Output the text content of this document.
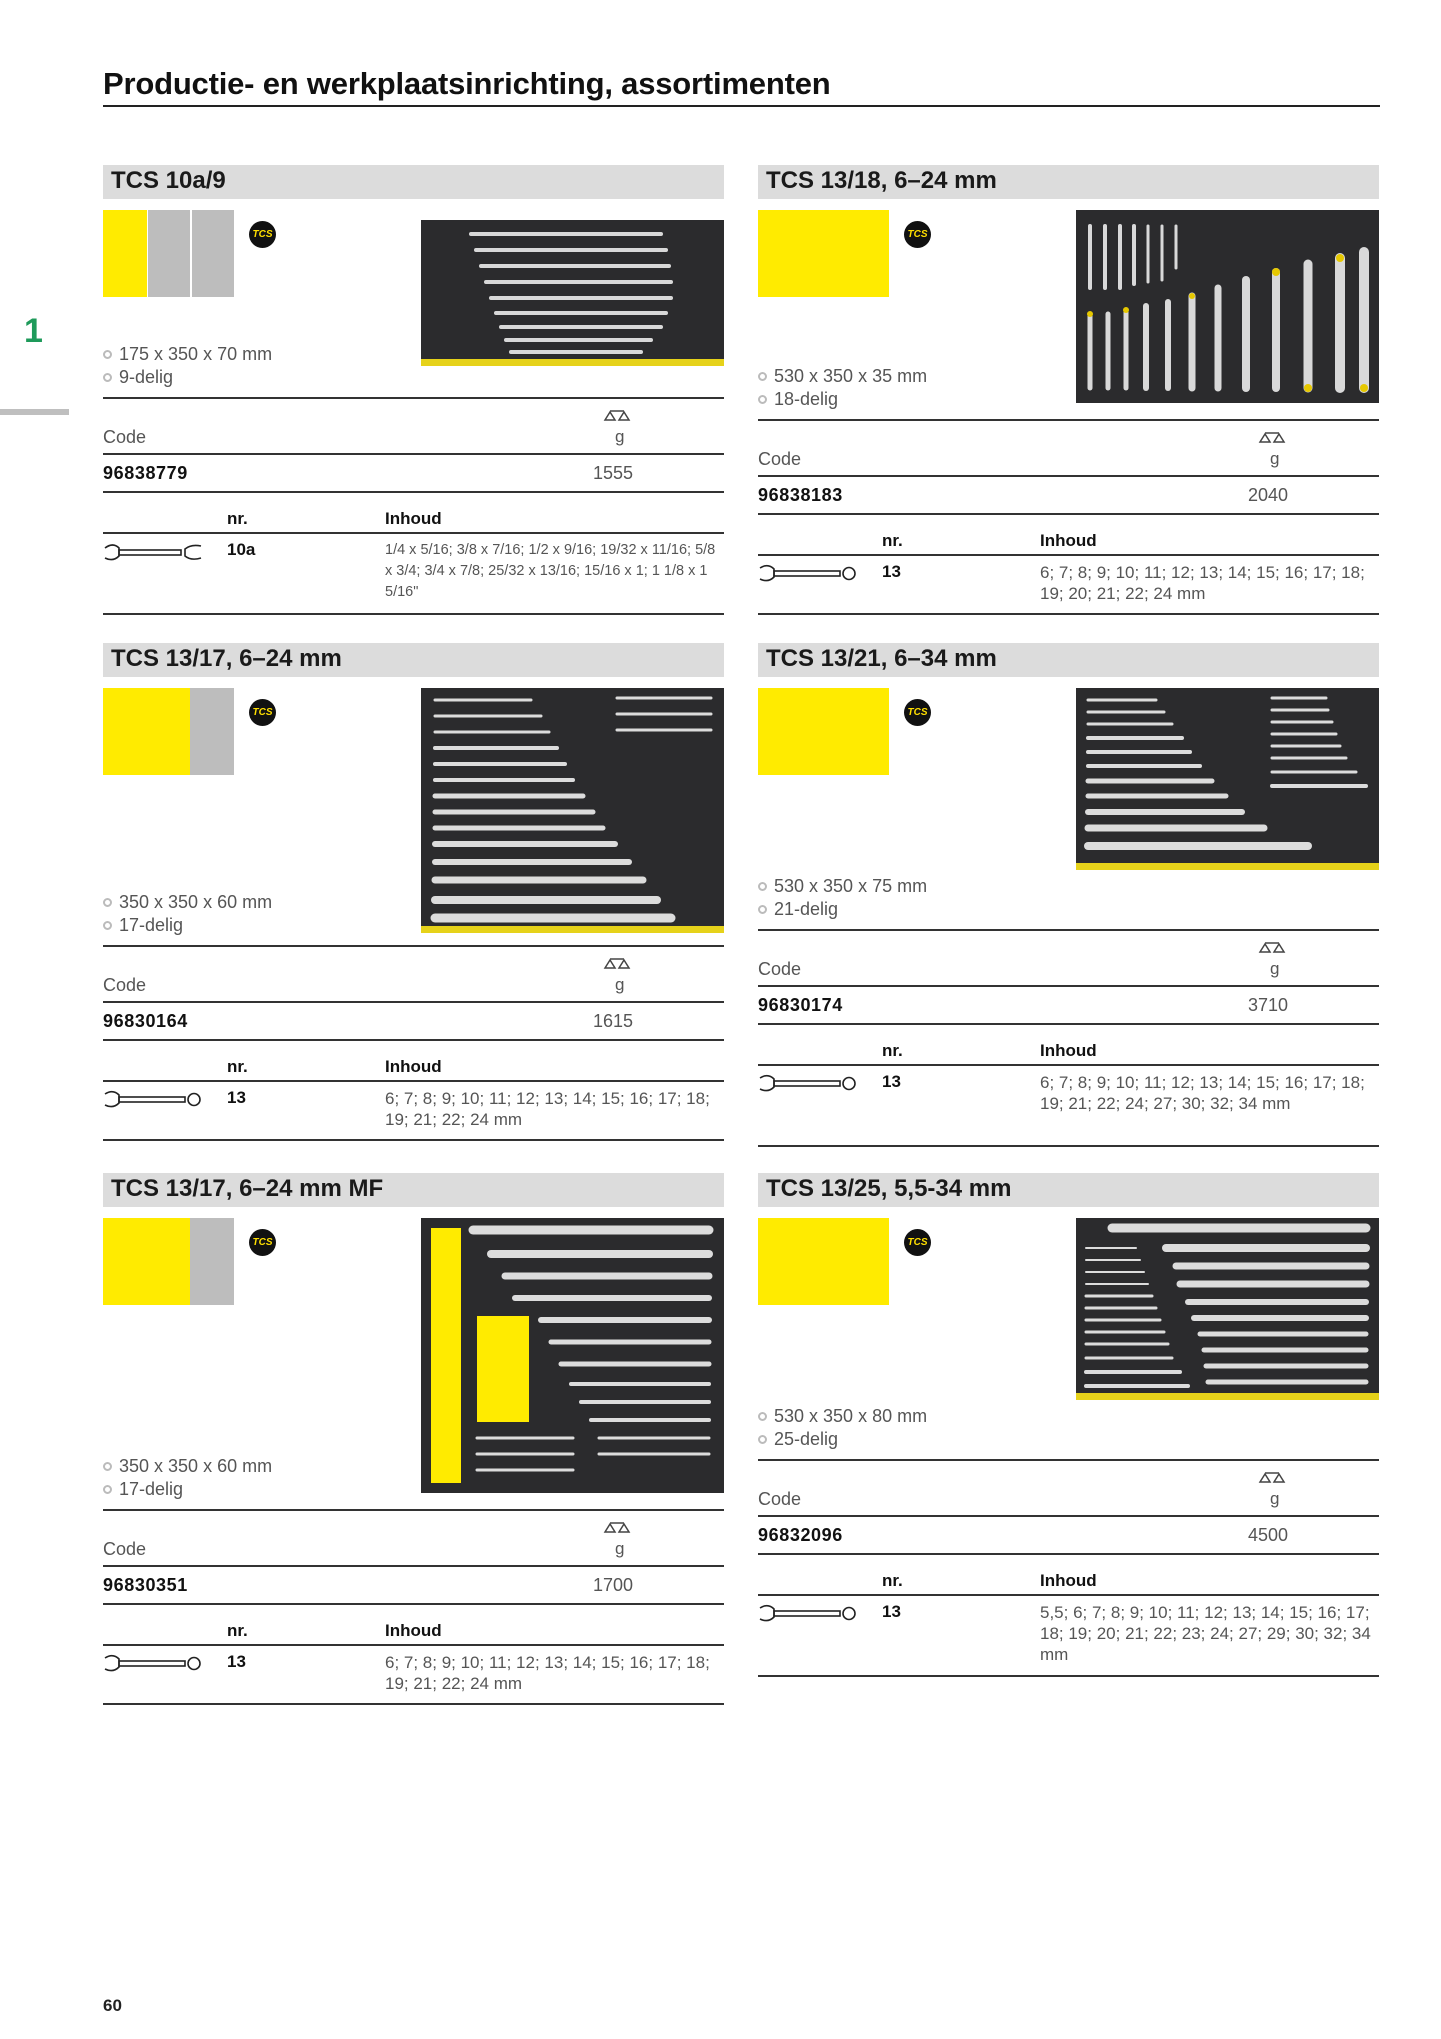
Productie- en werkplaatsinrichting, assortimenten
1
60
TCS 10a/9
TCS
175 x 350 x 70 mm
9-delig
g
Code
96838779	1555
nr.	Inhoud
10a	1/4 x 5/16; 3/8 x 7/16; 1/2 x 9/16; 19/32 x 11/16; 5/8 x 3/4; 3/4 x 7/8; 25/32 x 13/16; 15/16 x 1; 1 1/8 x 1 5/16"
TCS 13/18, 6–24 mm
TCS
530 x 350 x 35 mm
18-delig
g
Code
96838183	2040
nr.	Inhoud
13	6; 7; 8; 9; 10; 11; 12; 13; 14; 15; 16; 17; 18; 19; 20; 21; 22; 24 mm
TCS 13/17, 6–24 mm
TCS
350 x 350 x 60 mm
17-delig
g
Code
96830164	1615
nr.	Inhoud
13	6; 7; 8; 9; 10; 11; 12; 13; 14; 15; 16; 17; 18; 19; 21; 22; 24 mm
TCS 13/21, 6–34 mm
TCS
530 x 350 x 75 mm
21-delig
g
Code
96830174	3710
nr.	Inhoud
13	6; 7; 8; 9; 10; 11; 12; 13; 14; 15; 16; 17; 18; 19; 21; 22; 24; 27; 30; 32; 34 mm
TCS 13/17, 6–24 mm MF
TCS
350 x 350 x 60 mm
17-delig
g
Code
96830351	1700
nr.	Inhoud
13	6; 7; 8; 9; 10; 11; 12; 13; 14; 15; 16; 17; 18; 19; 21; 22; 24 mm
TCS 13/25, 5,5-34 mm
TCS
530 x 350 x 80 mm
25-delig
g
Code
96832096	4500
nr.	Inhoud
13	5,5; 6; 7; 8; 9; 10; 11; 12; 13; 14; 15; 16; 17; 18; 19; 20; 21; 22; 23; 24; 27; 29; 30; 32; 34 mm
